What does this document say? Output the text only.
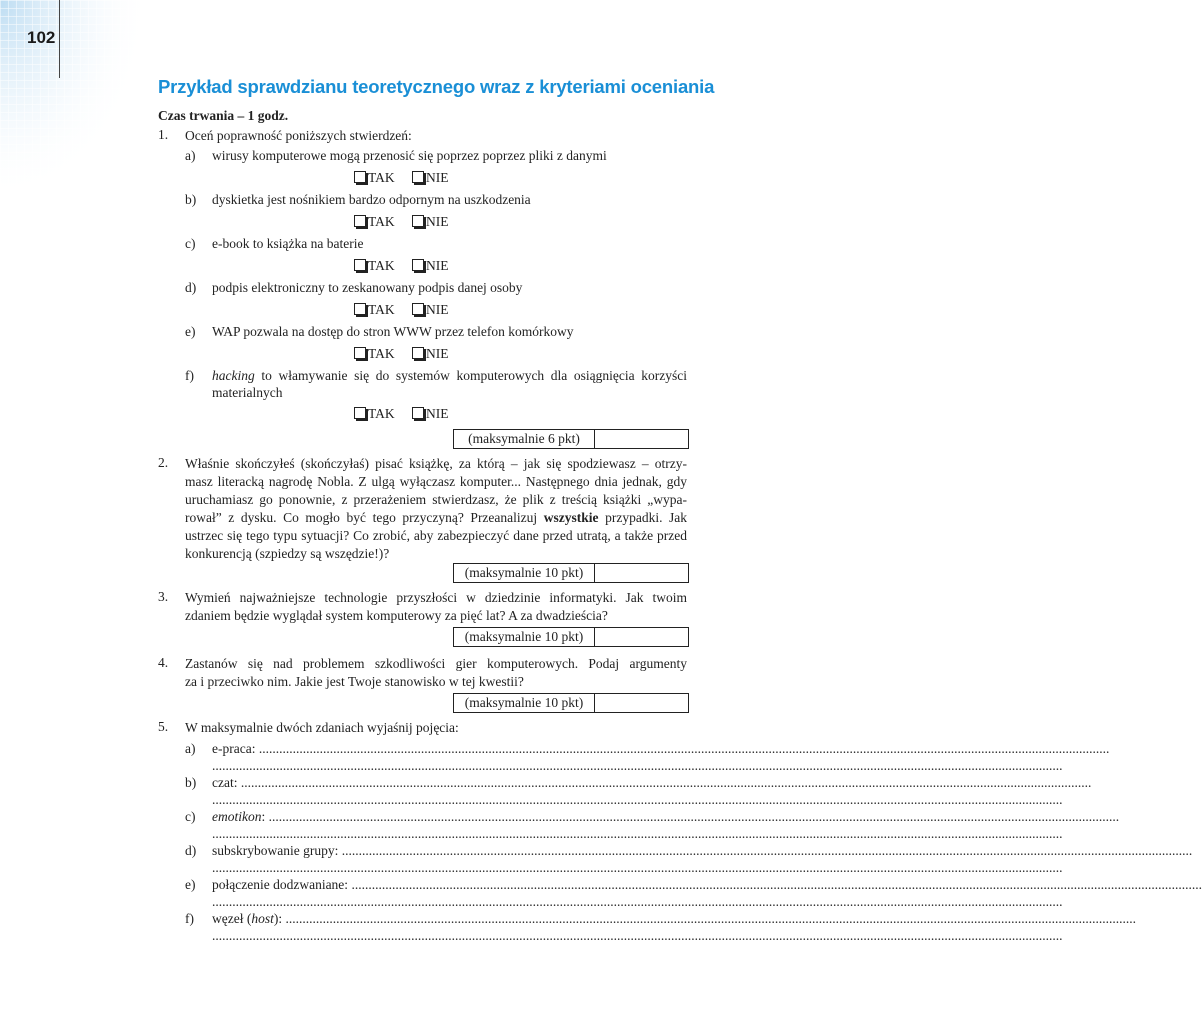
102
Przykład sprawdzianu teoretycznego wraz z kryteriami oceniania
Czas trwania – 1 godz.
1. Oceń poprawność poniższych stwierdzeń:
a) wirusy komputerowe mogą przenosić się poprzez poprzez pliki z danymi
TAK
NIE
b) dyskietka jest nośnikiem bardzo odpornym na uszkodzenia
TAK
NIE
c) e-book to książka na baterie
TAK
NIE
d) podpis elektroniczny to zeskanowany podpis danej osoby
TAK
NIE
e) WAP pozwala na dostęp do stron WWW przez telefon komórkowy
TAK
NIE
f) hacking to włamywanie się do systemów komputerowych dla osiągnięcia korzyści
materialnych
TAK
NIE
(maksymalnie 6 pkt)
2. Właśnie skończyłeś (skończyłaś) pisać książkę, za którą – jak się spodziewasz – otrzy-
masz literacką nagrodę Nobla. Z ulgą wyłączasz komputer... Następnego dnia jednak, gdy
uruchamiasz go ponownie, z przerażeniem stwierdzasz, że plik z treścią książki „wypa-
rował” z dysku. Co mogło być tego przyczyną? Przeanalizuj wszystkie przypadki. Jak
ustrzec się tego typu sytuacji? Co zrobić, aby zabezpieczyć dane przed utratą, a także przed
konkurencją (szpiedzy są wszędzie!)?
(maksymalnie 10 pkt)
3. Wymień najważniejsze technologie przyszłości w dziedzinie informatyki. Jak twoim
zdaniem będzie wyglądał system komputerowy za pięć lat? A za dwadzieścia?
(maksymalnie 10 pkt)
4. Zastanów się nad problemem szkodliwości gier komputerowych. Podaj argumenty
za i przeciwko nim. Jakie jest Twoje stanowisko w tej kwestii?
(maksymalnie 10 pkt)
5. W maksymalnie dwóch zdaniach wyjaśnij pojęcia:
a) e-praca: ............................................................................................................................................................................................................................................................
............................................................................................................................................................................................................................................................
b) czat: ............................................................................................................................................................................................................................................................
............................................................................................................................................................................................................................................................
c) emotikon: ............................................................................................................................................................................................................................................................
............................................................................................................................................................................................................................................................
d) subskrybowanie grupy: ............................................................................................................................................................................................................................................................
............................................................................................................................................................................................................................................................
e) połączenie dodzwaniane: ............................................................................................................................................................................................................................................................
............................................................................................................................................................................................................................................................
f) węzeł (host): ............................................................................................................................................................................................................................................................
............................................................................................................................................................................................................................................................
